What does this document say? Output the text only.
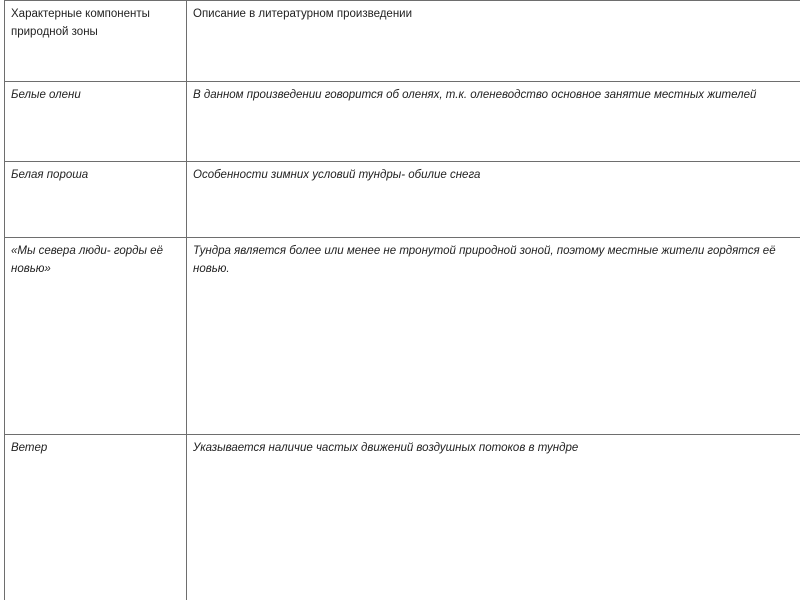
Характерные компоненты природной зоны	Описание в литературном произведении

Белые олени	В данном произведении говорится об оленях, т.к. оленеводство основное занятие местных жителей

Белая пороша	Особенности зимних условий тундры- обилие снега

«Мы севера люди- горды её новью»	Тундра является более или менее не тронутой природной зоной, поэтому местные жители гордятся её новью.

Ветер	Указывается наличие частых движений воздушных потоков в тундре
